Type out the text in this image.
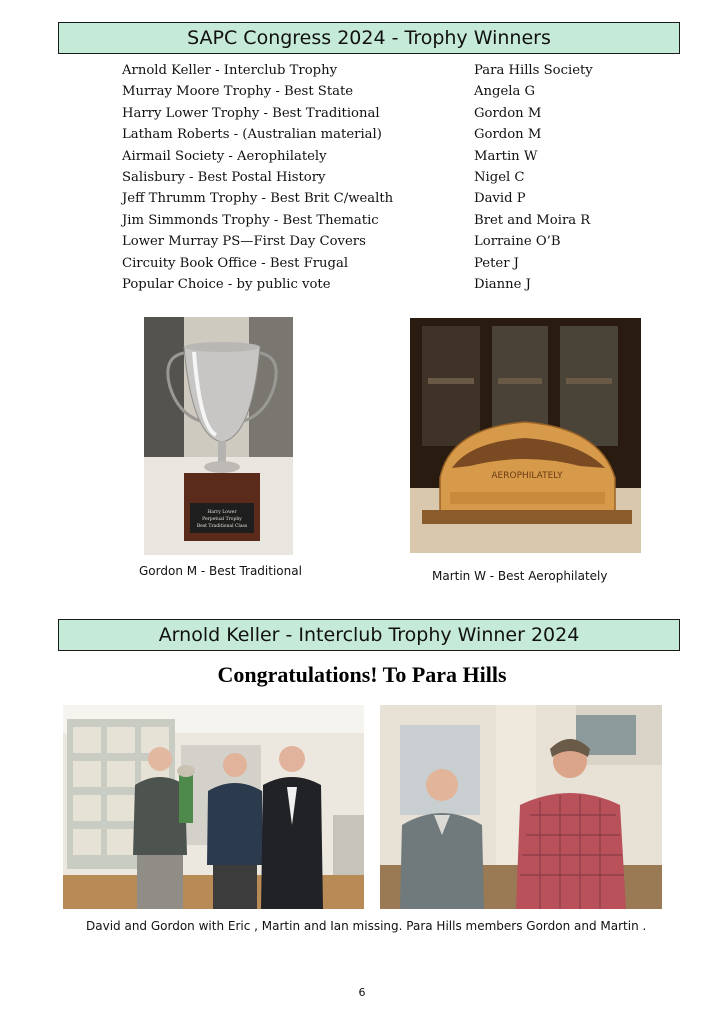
SAPC Congress 2024 - Trophy Winners
Arnold Keller - Interclub Trophy	Para Hills Society
Murray Moore Trophy - Best State	Angela G
Harry Lower Trophy - Best Traditional	Gordon M
Latham Roberts - (Australian material)	Gordon M
Airmail Society - Aerophilately	Martin W
Salisbury - Best Postal History	Nigel C
Jeff Thrumm Trophy - Best Brit C/wealth	David P
Jim Simmonds Trophy - Best Thematic	Bret and Moira R
Lower Murray PS—First Day Covers	Lorraine O’B
Circuity Book Office - Best Frugal	Peter J
Popular Choice - by public vote	Dianne J
Harry Lower
Perpetual Trophy
Best Traditional Class
Gordon M - Best Traditional
AEROPHILATELY
Martin W - Best Aerophilately
Arnold Keller - Interclub Trophy Winner 2024
Congratulations! To Para Hills
David and Gordon with Eric , Martin and Ian missing. Para Hills members Gordon and Martin .
6
